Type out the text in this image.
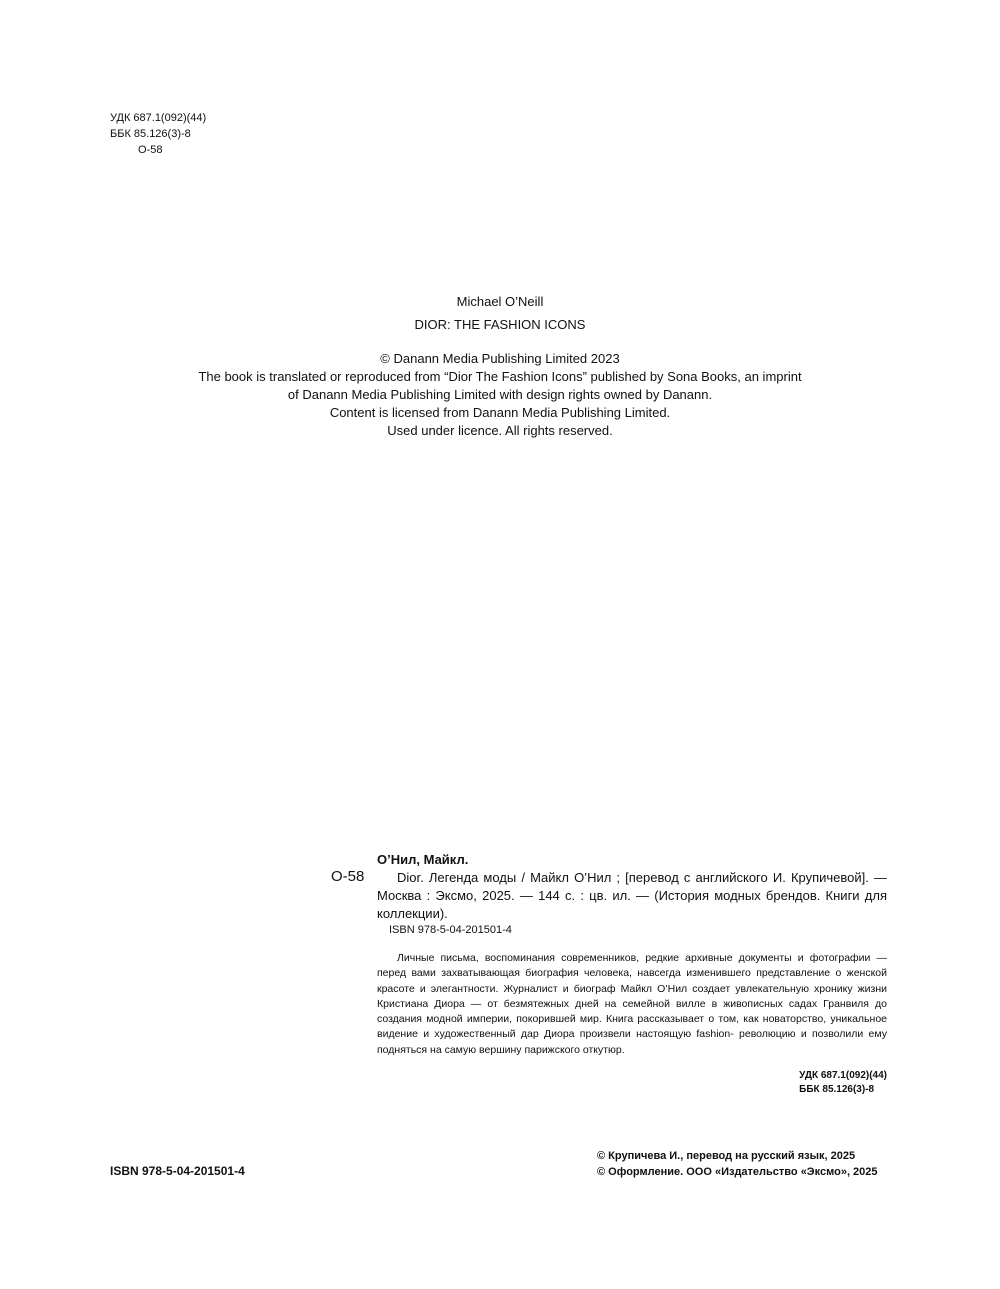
УДК 687.1(092)(44)
ББК 85.126(3)-8
О-58
Michael O’Neill
DIOR: THE FASHION ICONS
© Danann Media Publishing Limited 2023
The book is translated or reproduced from “Dior The Fashion Icons” published by Sona Books, an imprint
of Danann Media Publishing Limited with design rights owned by Danann.
Content is licensed from Danann Media Publishing Limited.
Used under licence. All rights reserved.
О-58
О’Нил, Майкл.
Dior. Легенда моды / Майкл О’Нил ; [перевод с английского И. Крупичевой]. — Москва : Эксмо, 2025. — 144 с. : цв. ил. — (История модных брендов. Книги для коллекции).
ISBN 978-5-04-201501-4
Личные письма, воспоминания современников, редкие архивные документы и фотографии — перед вами захватывающая биография человека, навсегда изменившего представление о женской красоте и элегантности. Журналист и биограф Майкл О’Нил создает увлекательную хронику жизни Кристиана Диора — от безмятежных дней на семейной вилле в живописных садах Гранвиля до создания модной империи, покорившей мир. Книга рассказывает о том, как новаторство, уникальное видение и художественный дар Диора произвели настоящую fashion- революцию и позволили ему подняться на самую вершину парижского откутюр.
УДК 687.1(092)(44)
ББК 85.126(3)-8
ISBN 978-5-04-201501-4
© Крупичева И., перевод на русский язык, 2025
© Оформление. ООО «Издательство «Эксмо», 2025
